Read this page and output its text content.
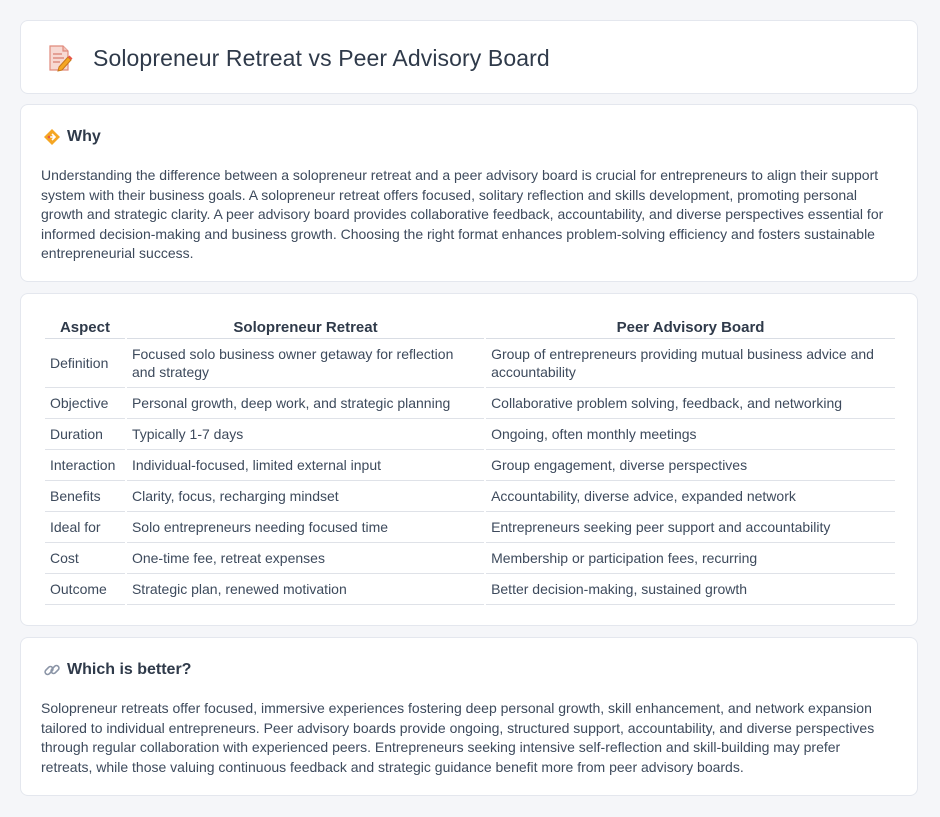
Solopreneur Retreat vs Peer Advisory Board
Why

Understanding the difference between a solopreneur retreat and a peer advisory board is crucial for entrepreneurs to align their support system with their business goals. A solopreneur retreat offers focused, solitary reflection and skills development, promoting personal growth and strategic clarity. A peer advisory board provides collaborative feedback, accountability, and diverse perspectives essential for informed decision-making and business growth. Choosing the right format enhances problem-solving efficiency and fosters sustainable entrepreneurial success.

Aspect	Solopreneur Retreat	Peer Advisory Board
Definition	Focused solo business owner getaway for reflection and strategy	Group of entrepreneurs providing mutual business advice and accountability
Objective	Personal growth, deep work, and strategic planning	Collaborative problem solving, feedback, and networking
Duration	Typically 1-7 days	Ongoing, often monthly meetings
Interaction	Individual-focused, limited external input	Group engagement, diverse perspectives
Benefits	Clarity, focus, recharging mindset	Accountability, diverse advice, expanded network
Ideal for	Solo entrepreneurs needing focused time	Entrepreneurs seeking peer support and accountability
Cost	One-time fee, retreat expenses	Membership or participation fees, recurring
Outcome	Strategic plan, renewed motivation	Better decision-making, sustained growth
Which is better?

Solopreneur retreats offer focused, immersive experiences fostering deep personal growth, skill enhancement, and network expansion tailored to individual entrepreneurs. Peer advisory boards provide ongoing, structured support, accountability, and diverse perspectives through regular collaboration with experienced peers. Entrepreneurs seeking intensive self-reflection and skill-building may prefer retreats, while those valuing continuous feedback and strategic guidance benefit more from peer advisory boards.
